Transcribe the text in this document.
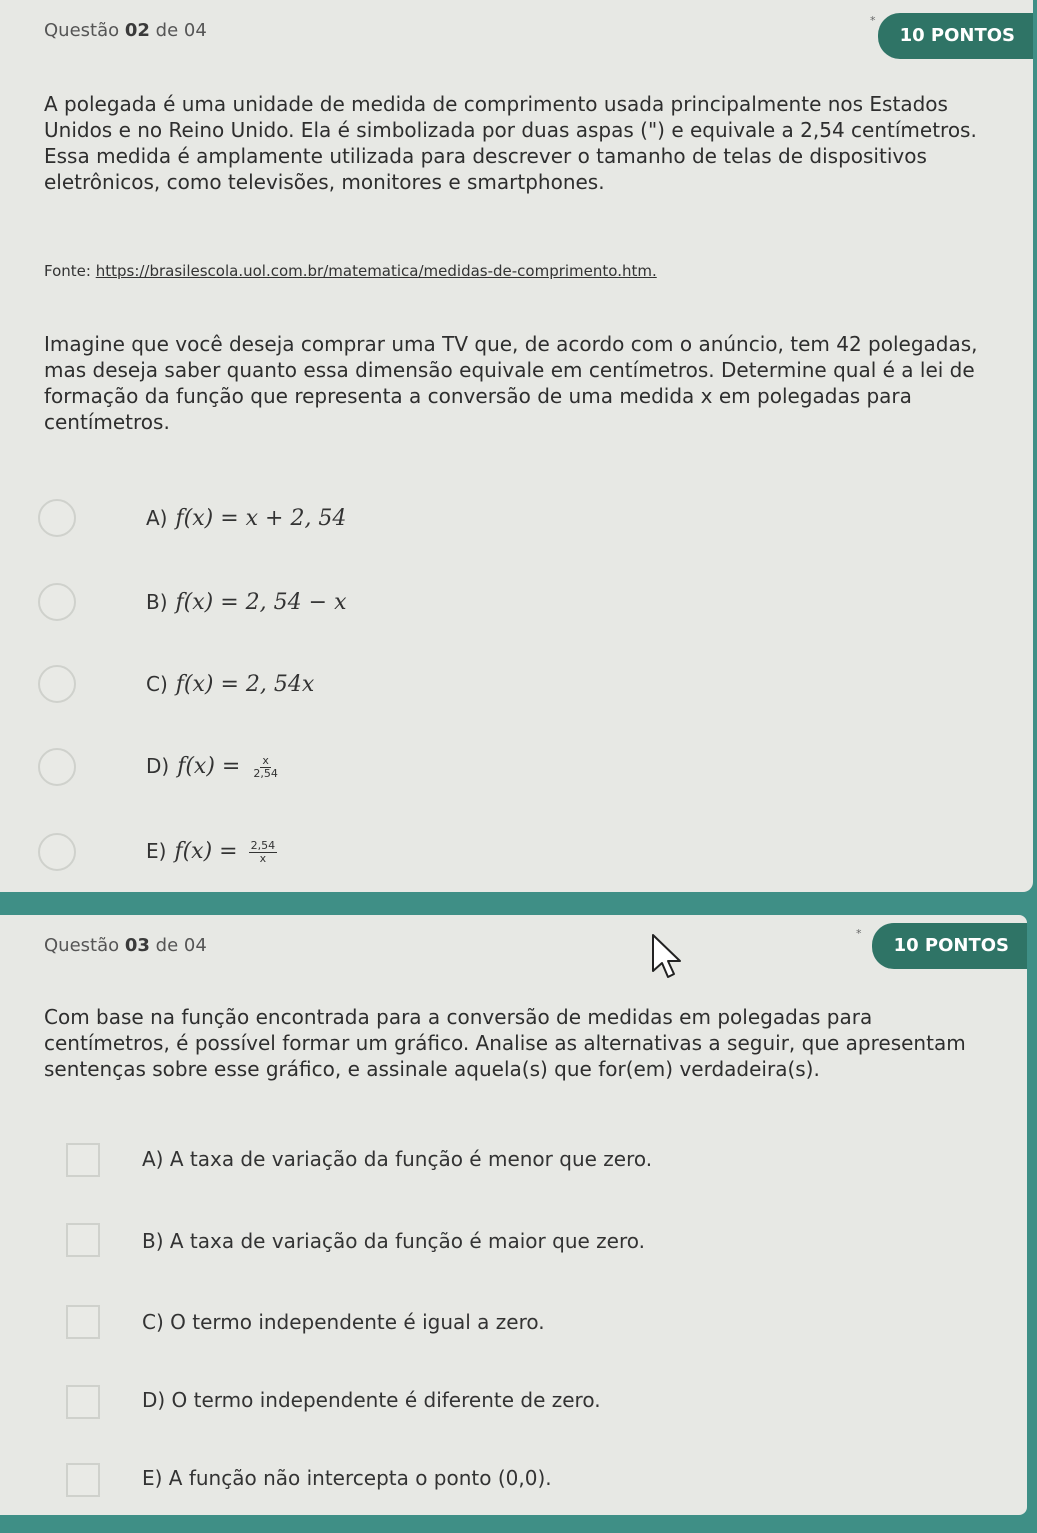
Questão 02 de 04	*
10 PONTOS

A polegada é uma unidade de medida de comprimento usada principalmente nos Estados Unidos e no Reino Unido. Ela é simbolizada por duas aspas (") e equivale a 2,54 centímetros. Essa medida é amplamente utilizada para descrever o tamanho de telas de dispositivos eletrônicos, como televisões, monitores e smartphones.

Fonte: https://brasilescola.uol.com.br/matematica/medidas-de-comprimento.htm.

Imagine que você deseja comprar uma TV que, de acordo com o anúncio, tem 42 polegadas, mas deseja saber quanto essa dimensão equivale em centímetros. Determine qual é a lei de formação da função que representa a conversão de uma medida x em polegadas para centímetros.

A) f(x) = x + 2, 54
B) f(x) = 2, 54 − x
C) f(x) = 2, 54x
D) $f(x) = \frac{x}{2,54}$
E) $f(x) = \frac{2,54}{x}$
Questão 03 de 04
*
10 PONTOS

Com base na função encontrada para a conversão de medidas em polegadas para centímetros, é possível formar um gráfico. Analise as alternativas a seguir, que apresentam sentenças sobre esse gráfico, e assinale aquela(s) que for(em) verdadeira(s).

A) A taxa de variação da função é menor que zero.
B) A taxa de variação da função é maior que zero.
C) O termo independente é igual a zero.
D) O termo independente é diferente de zero.
E) A função não intercepta o ponto (0,0).
